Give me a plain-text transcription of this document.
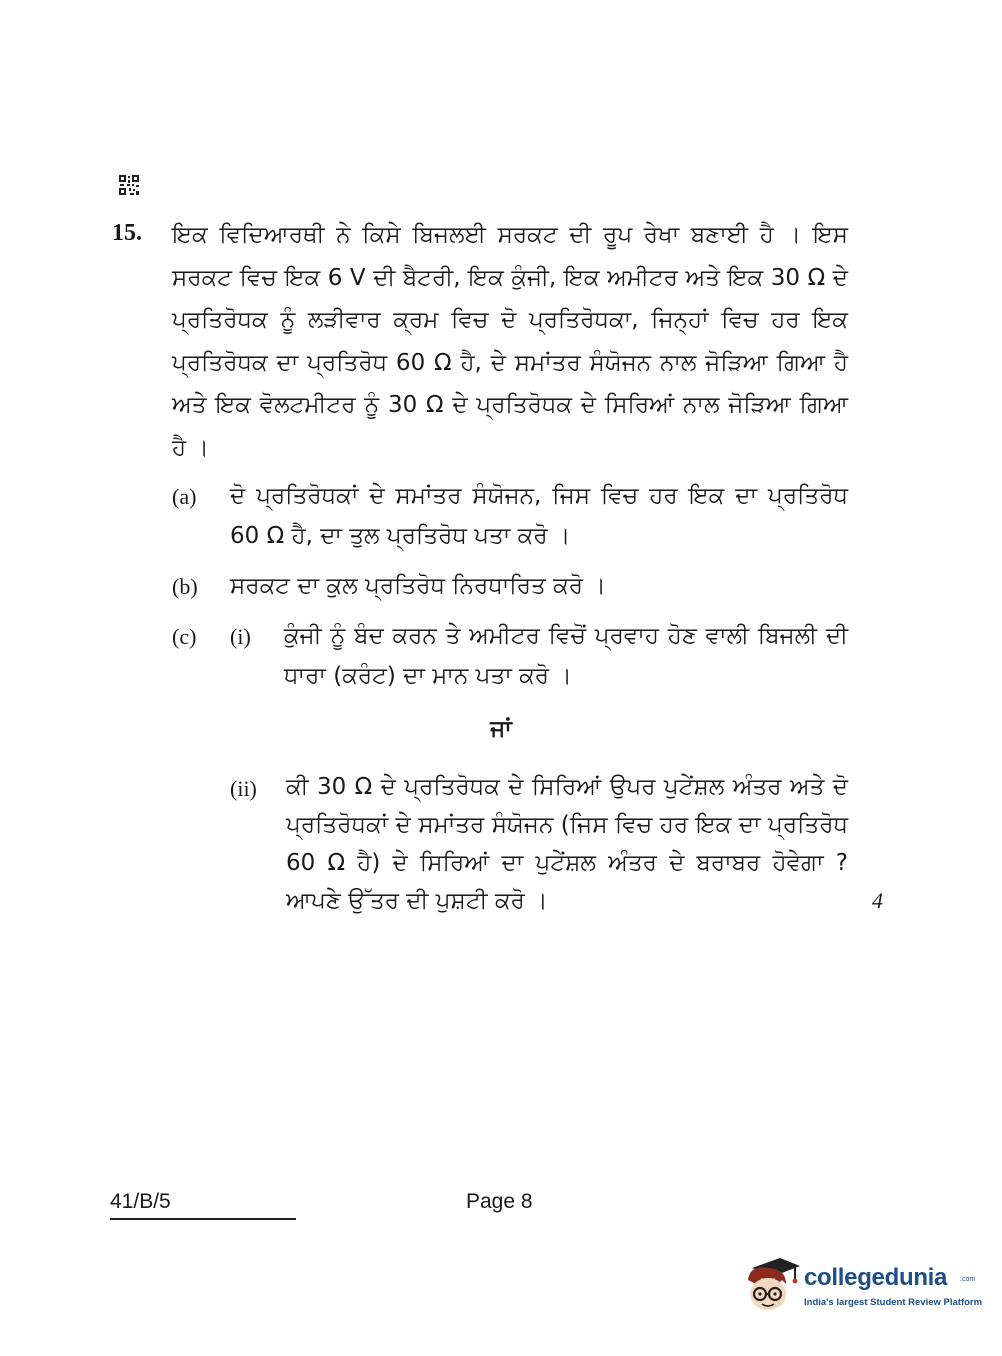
15. ਇਕ ਵਿਦਿਆਰਥੀ ਨੇ ਕਿਸੇ ਬਿਜਲਈ ਸਰਕਟ ਦੀ ਰੂਪ ਰੇਖਾ ਬਣਾਈ ਹੈ । ਇਸ ਸਰਕਟ ਵਿਚ ਇਕ 6 V ਦੀ ਬੈਟਰੀ, ਇਕ ਕੁੰਜੀ, ਇਕ ਅਮੀਟਰ ਅਤੇ ਇਕ 30 Ω ਦੇ ਪ੍ਰਤਿਰੋਧਕ ਨੂੰ ਲੜੀਵਾਰ ਕ੍ਰਮ ਵਿਚ ਦੋ ਪ੍ਰਤਿਰੋਧਕਾ, ਜਿਨ੍ਹਾਂ ਵਿਚ ਹਰ ਇਕ ਪ੍ਰਤਿਰੋਧਕ ਦਾ ਪ੍ਰਤਿਰੋਧ 60 Ω ਹੈ, ਦੇ ਸਮਾਂਤਰ ਸੰਯੋਜਨ ਨਾਲ ਜੋੜਿਆ ਗਿਆ ਹੈ ਅਤੇ ਇਕ ਵੋਲਟਮੀਟਰ ਨੂੰ 30 Ω ਦੇ ਪ੍ਰਤਿਰੋਧਕ ਦੇ ਸਿਰਿਆਂ ਨਾਲ ਜੋੜਿਆ ਗਿਆ ਹੈ ।
(a) ਦੋ ਪ੍ਰਤਿਰੋਧਕਾਂ ਦੇ ਸਮਾਂਤਰ ਸੰਯੋਜਨ, ਜਿਸ ਵਿਚ ਹਰ ਇਕ ਦਾ ਪ੍ਰਤਿਰੋਧ 60 Ω ਹੈ, ਦਾ ਤੁਲ ਪ੍ਰਤਿਰੋਧ ਪਤਾ ਕਰੋ ।
(b) ਸਰਕਟ ਦਾ ਕੁਲ ਪ੍ਰਤਿਰੋਧ ਨਿਰਧਾਰਿਤ ਕਰੋ ।
(c) (i) ਕੁੰਜੀ ਨੂੰ ਬੰਦ ਕਰਨ ਤੇ ਅਮੀਟਰ ਵਿਚੋਂ ਪ੍ਰਵਾਹ ਹੋਣ ਵਾਲੀ ਬਿਜਲੀ ਦੀ ਧਾਰਾ (ਕਰੰਟ) ਦਾ ਮਾਨ ਪਤਾ ਕਰੋ ।
ਜਾਂ
(ii) ਕੀ 30 Ω ਦੇ ਪ੍ਰਤਿਰੋਧਕ ਦੇ ਸਿਰਿਆਂ ਉਪਰ ਪੁਟੇਂਸ਼ਲ ਅੰਤਰ ਅਤੇ ਦੋ ਪ੍ਰਤਿਰੋਧਕਾਂ ਦੇ ਸਮਾਂਤਰ ਸੰਯੋਜਨ (ਜਿਸ ਵਿਚ ਹਰ ਇਕ ਦਾ ਪ੍ਰਤਿਰੋਧ 60 Ω ਹੈ) ਦੇ ਸਿਰਿਆਂ ਦਾ ਪੁਟੇਂਸ਼ਲ ਅੰਤਰ ਦੇ ਬਰਾਬਰ ਹੋਵੇਗਾ ? ਆਪਣੇ ਉੱਤਰ ਦੀ ਪੁਸ਼ਟੀ ਕਰੋ ।	4
41/B/5	Page 8
collegedunia .com
India's largest Student Review Platform
